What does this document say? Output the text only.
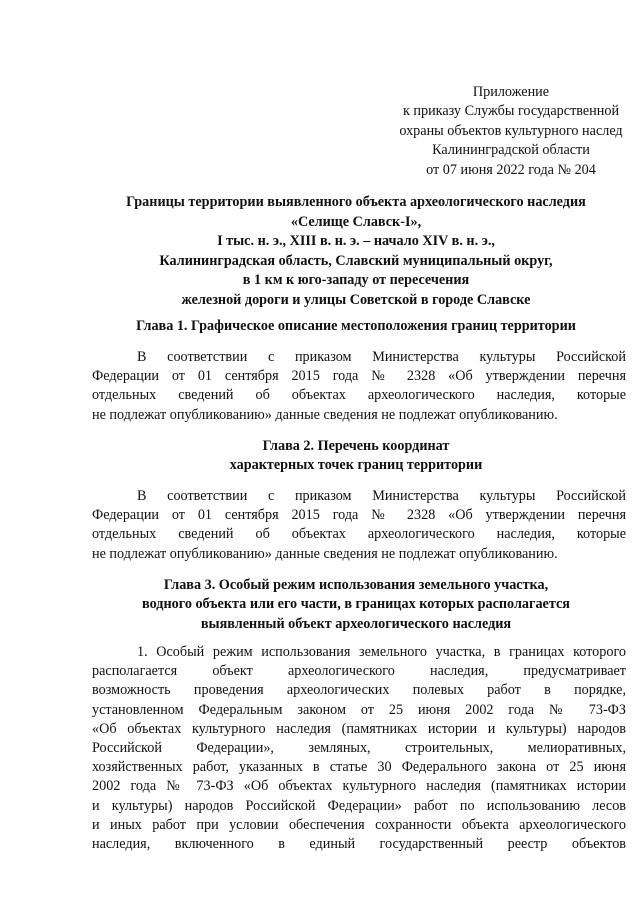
Приложение
к приказу Службы государственной
охраны объектов культурного наслед
Калининградской области
от 07 июня 2022 года № 204
Границы территории выявленного объекта археологического наследия
«Селище Славск-I»,
I тыс. н. э., XIII в. н. э. – начало XIV в. н. э.,
Калининградская область, Славский муниципальный округ,
в 1 км к юго-западу от пересечения
железной дороги и улицы Советской в городе Славске
Глава 1. Графическое описание местоположения границ территории
В соответствии с приказом Министерства культуры Российской
Федерации от 01 сентября 2015 года № 2328 «Об утверждении перечня
отдельных сведений об объектах археологического наследия, которые
не подлежат опубликованию» данные сведения не подлежат опубликованию.
Глава 2. Перечень координат
характерных точек границ территории
В соответствии с приказом Министерства культуры Российской
Федерации от 01 сентября 2015 года № 2328 «Об утверждении перечня
отдельных сведений об объектах археологического наследия, которые
не подлежат опубликованию» данные сведения не подлежат опубликованию.
Глава 3. Особый режим использования земельного участка,
водного объекта или его части, в границах которых располагается
выявленный объект археологического наследия
1. Особый режим использования земельного участка, в границах которого
располагается объект археологического наследия, предусматривает
возможность проведения археологических полевых работ в порядке,
установленном Федеральным законом от 25 июня 2002 года № 73-ФЗ
«Об объектах культурного наследия (памятниках истории и культуры) народов
Российской Федерации», земляных, строительных, мелиоративных,
хозяйственных работ, указанных в статье 30 Федерального закона от 25 июня
2002 года № 73-ФЗ «Об объектах культурного наследия (памятниках истории
и культуры) народов Российской Федерации» работ по использованию лесов
и иных работ при условии обеспечения сохранности объекта археологического
наследия, включенного в единый государственный реестр объектов
